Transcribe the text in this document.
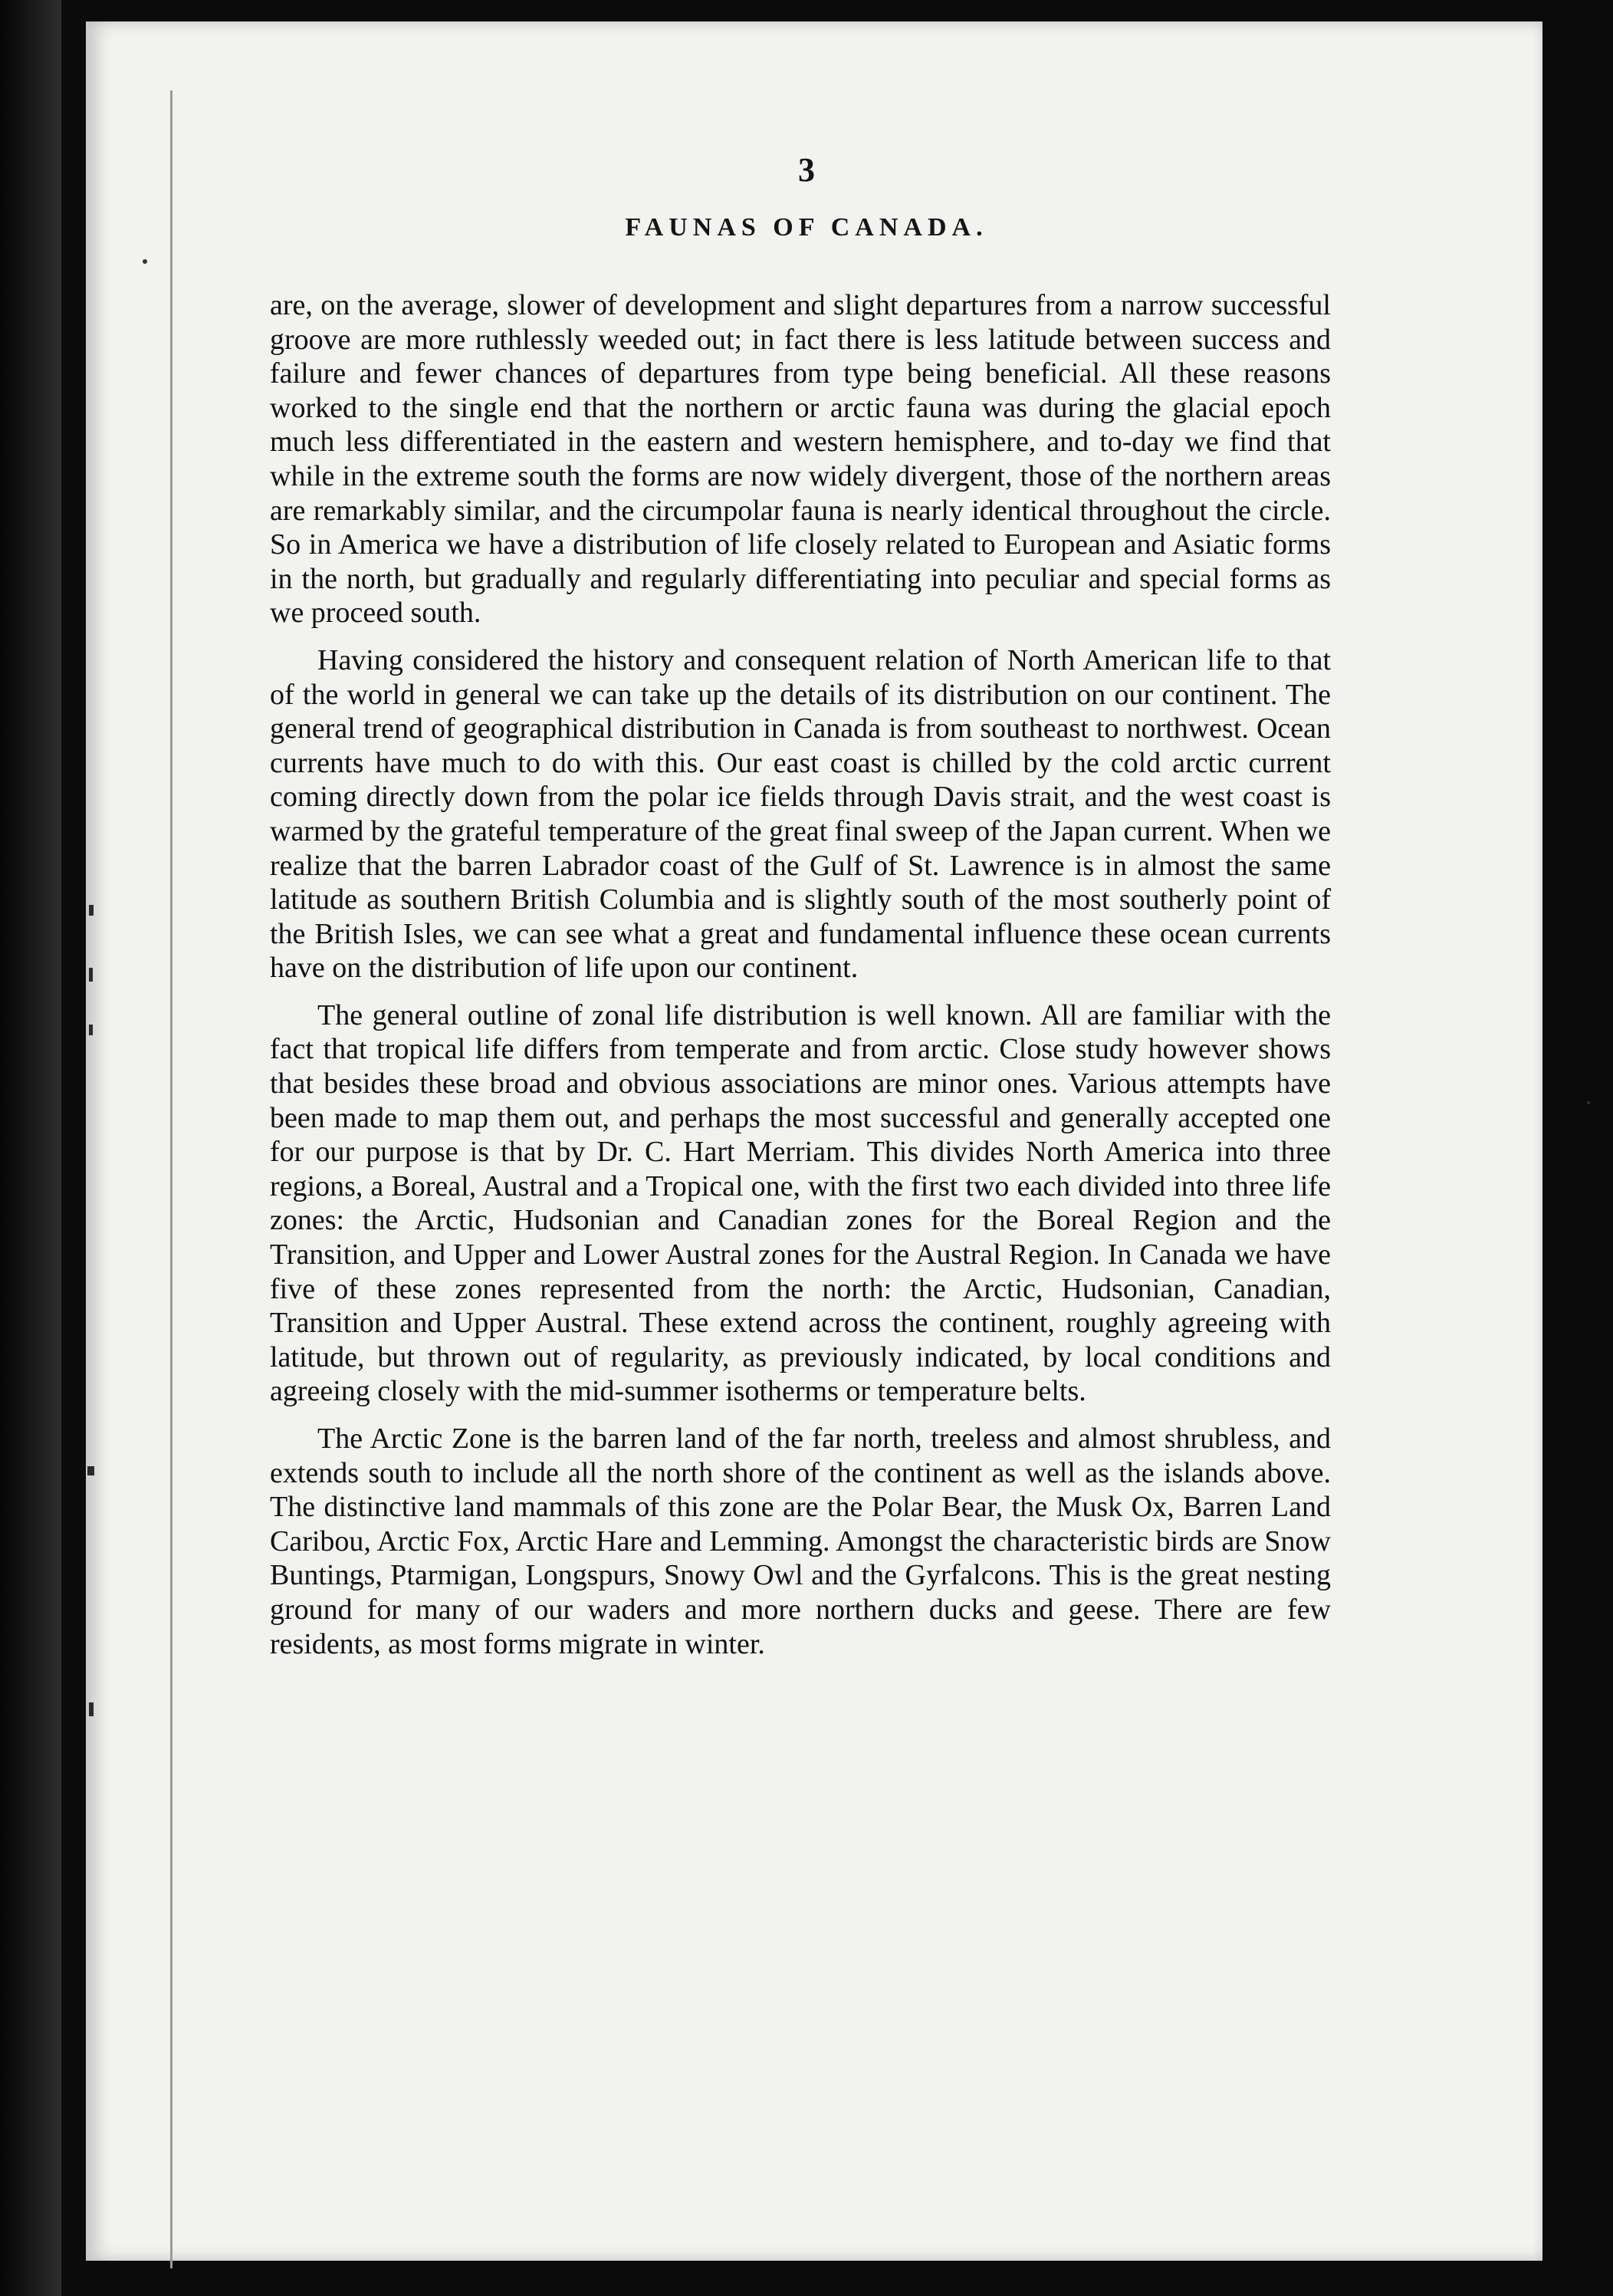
3
FAUNAS OF CANADA.

are, on the average, slower of development and slight departures from a narrow successful groove are more ruthlessly weeded out; in fact there is less latitude between success and failure and fewer chances of departures from type being beneficial. All these reasons worked to the single end that the northern or arctic fauna was during the glacial epoch much less differentiated in the eastern and western hemisphere, and to-day we find that while in the extreme south the forms are now widely divergent, those of the northern areas are remarkably similar, and the circumpolar fauna is nearly identical throughout the circle. So in America we have a distribution of life closely related to European and Asiatic forms in the north, but gradually and regularly differentiating into peculiar and special forms as we proceed south.

Having considered the history and consequent relation of North American life to that of the world in general we can take up the details of its distribution on our continent. The general trend of geographical distribution in Canada is from southeast to northwest. Ocean currents have much to do with this. Our east coast is chilled by the cold arctic current coming directly down from the polar ice fields through Davis strait, and the west coast is warmed by the grateful temperature of the great final sweep of the Japan current. When we realize that the barren Labrador coast of the Gulf of St. Lawrence is in almost the same latitude as southern British Columbia and is slightly south of the most southerly point of the British Isles, we can see what a great and fundamental influence these ocean currents have on the distribution of life upon our continent.

The general outline of zonal life distribution is well known. All are familiar with the fact that tropical life differs from temperate and from arctic. Close study however shows that besides these broad and obvious associations are minor ones. Various attempts have been made to map them out, and perhaps the most successful and generally accepted one for our purpose is that by Dr. C. Hart Merriam. This divides North America into three regions, a Boreal, Austral and a Tropical one, with the first two each divided into three life zones: the Arctic, Hudsonian and Canadian zones for the Boreal Region and the Transition, and Upper and Lower Austral zones for the Austral Region. In Canada we have five of these zones represented from the north: the Arctic, Hudsonian, Canadian, Transition and Upper Austral. These extend across the continent, roughly agreeing with latitude, but thrown out of regularity, as previously indicated, by local conditions and agreeing closely with the mid-summer isotherms or temperature belts.

The Arctic Zone is the barren land of the far north, treeless and almost shrubless, and extends south to include all the north shore of the continent as well as the islands above. The distinctive land mammals of this zone are the Polar Bear, the Musk Ox, Barren Land Caribou, Arctic Fox, Arctic Hare and Lemming. Amongst the characteristic birds are Snow Buntings, Ptarmigan, Longspurs, Snowy Owl and the Gyrfalcons. This is the great nesting ground for many of our waders and more northern ducks and geese. There are few residents, as most forms migrate in winter.
